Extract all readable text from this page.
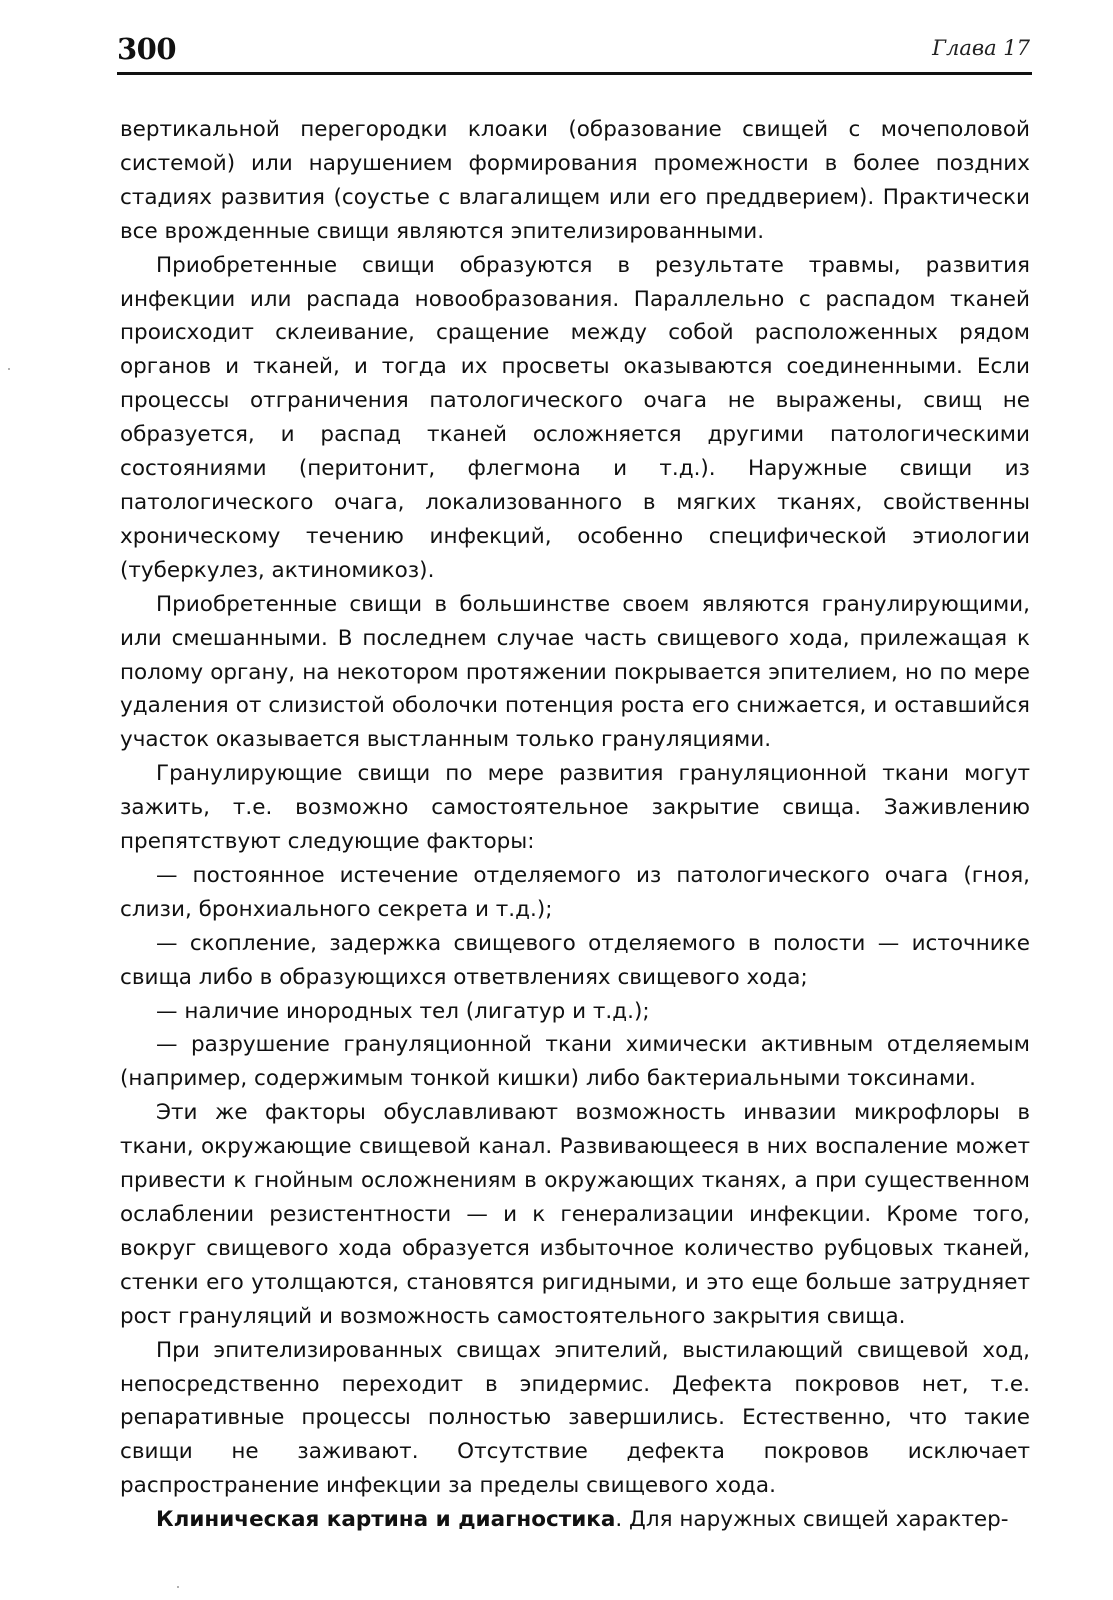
300	Глава 17

вертикальной перегородки клоаки (образование свищей с мочеполовой системой) или нарушением формирования промежности в более поздних стадиях развития (соустье с влагалищем или его преддверием). Практически все врожденные свищи являются эпителизированными.

Приобретенные свищи образуются в результате травмы, развития инфекции или распада новообразования. Параллельно с распадом тканей происходит склеивание, сращение между собой расположенных рядом органов и тканей, и тогда их просветы оказываются соединенными. Если процессы отграничения патологического очага не выражены, свищ не образуется, и распад тканей осложняется другими патологическими состояниями (перитонит, флегмона и т.д.). Наружные свищи из патологического очага, локализованного в мягких тканях, свойственны хроническому течению инфекций, особенно специфической этиологии (туберкулез, актиномикоз).

Приобретенные свищи в большинстве своем являются гранулирующими, или смешанными. В последнем случае часть свищевого хода, прилежащая к полому органу, на некотором протяжении покрывается эпителием, но по мере удаления от слизистой оболочки потенция роста его снижается, и оставшийся участок оказывается выстланным только грануляциями.

Гранулирующие свищи по мере развития грануляционной ткани могут зажить, т.е. возможно самостоятельное закрытие свища. Заживлению препятствуют следующие факторы:

— постоянное истечение отделяемого из патологического очага (гноя, слизи, бронхиального секрета и т.д.);

— скопление, задержка свищевого отделяемого в полости — источнике свища либо в образующихся ответвлениях свищевого хода;

— наличие инородных тел (лигатур и т.д.);

— разрушение грануляционной ткани химически активным отделяемым (например, содержимым тонкой кишки) либо бактериальными токсинами.

Эти же факторы обуславливают возможность инвазии микрофлоры в ткани, окружающие свищевой канал. Развивающееся в них воспаление может привести к гнойным осложнениям в окружающих тканях, а при существенном ослаблении резистентности — и к генерализации инфекции. Кроме того, вокруг свищевого хода образуется избыточное количество рубцовых тканей, стенки его утолщаются, становятся ригидными, и это еще больше затрудняет рост грануляций и возможность самостоятельного закрытия свища.

При эпителизированных свищах эпителий, выстилающий свищевой ход, непосредственно переходит в эпидермис. Дефекта покровов нет, т.е. репаративные процессы полностью завершились. Естественно, что такие свищи не заживают. Отсутствие дефекта покровов исключает распространение инфекции за пределы свищевого хода.

Клиническая картина и диагностика. Для наружных свищей характер-
